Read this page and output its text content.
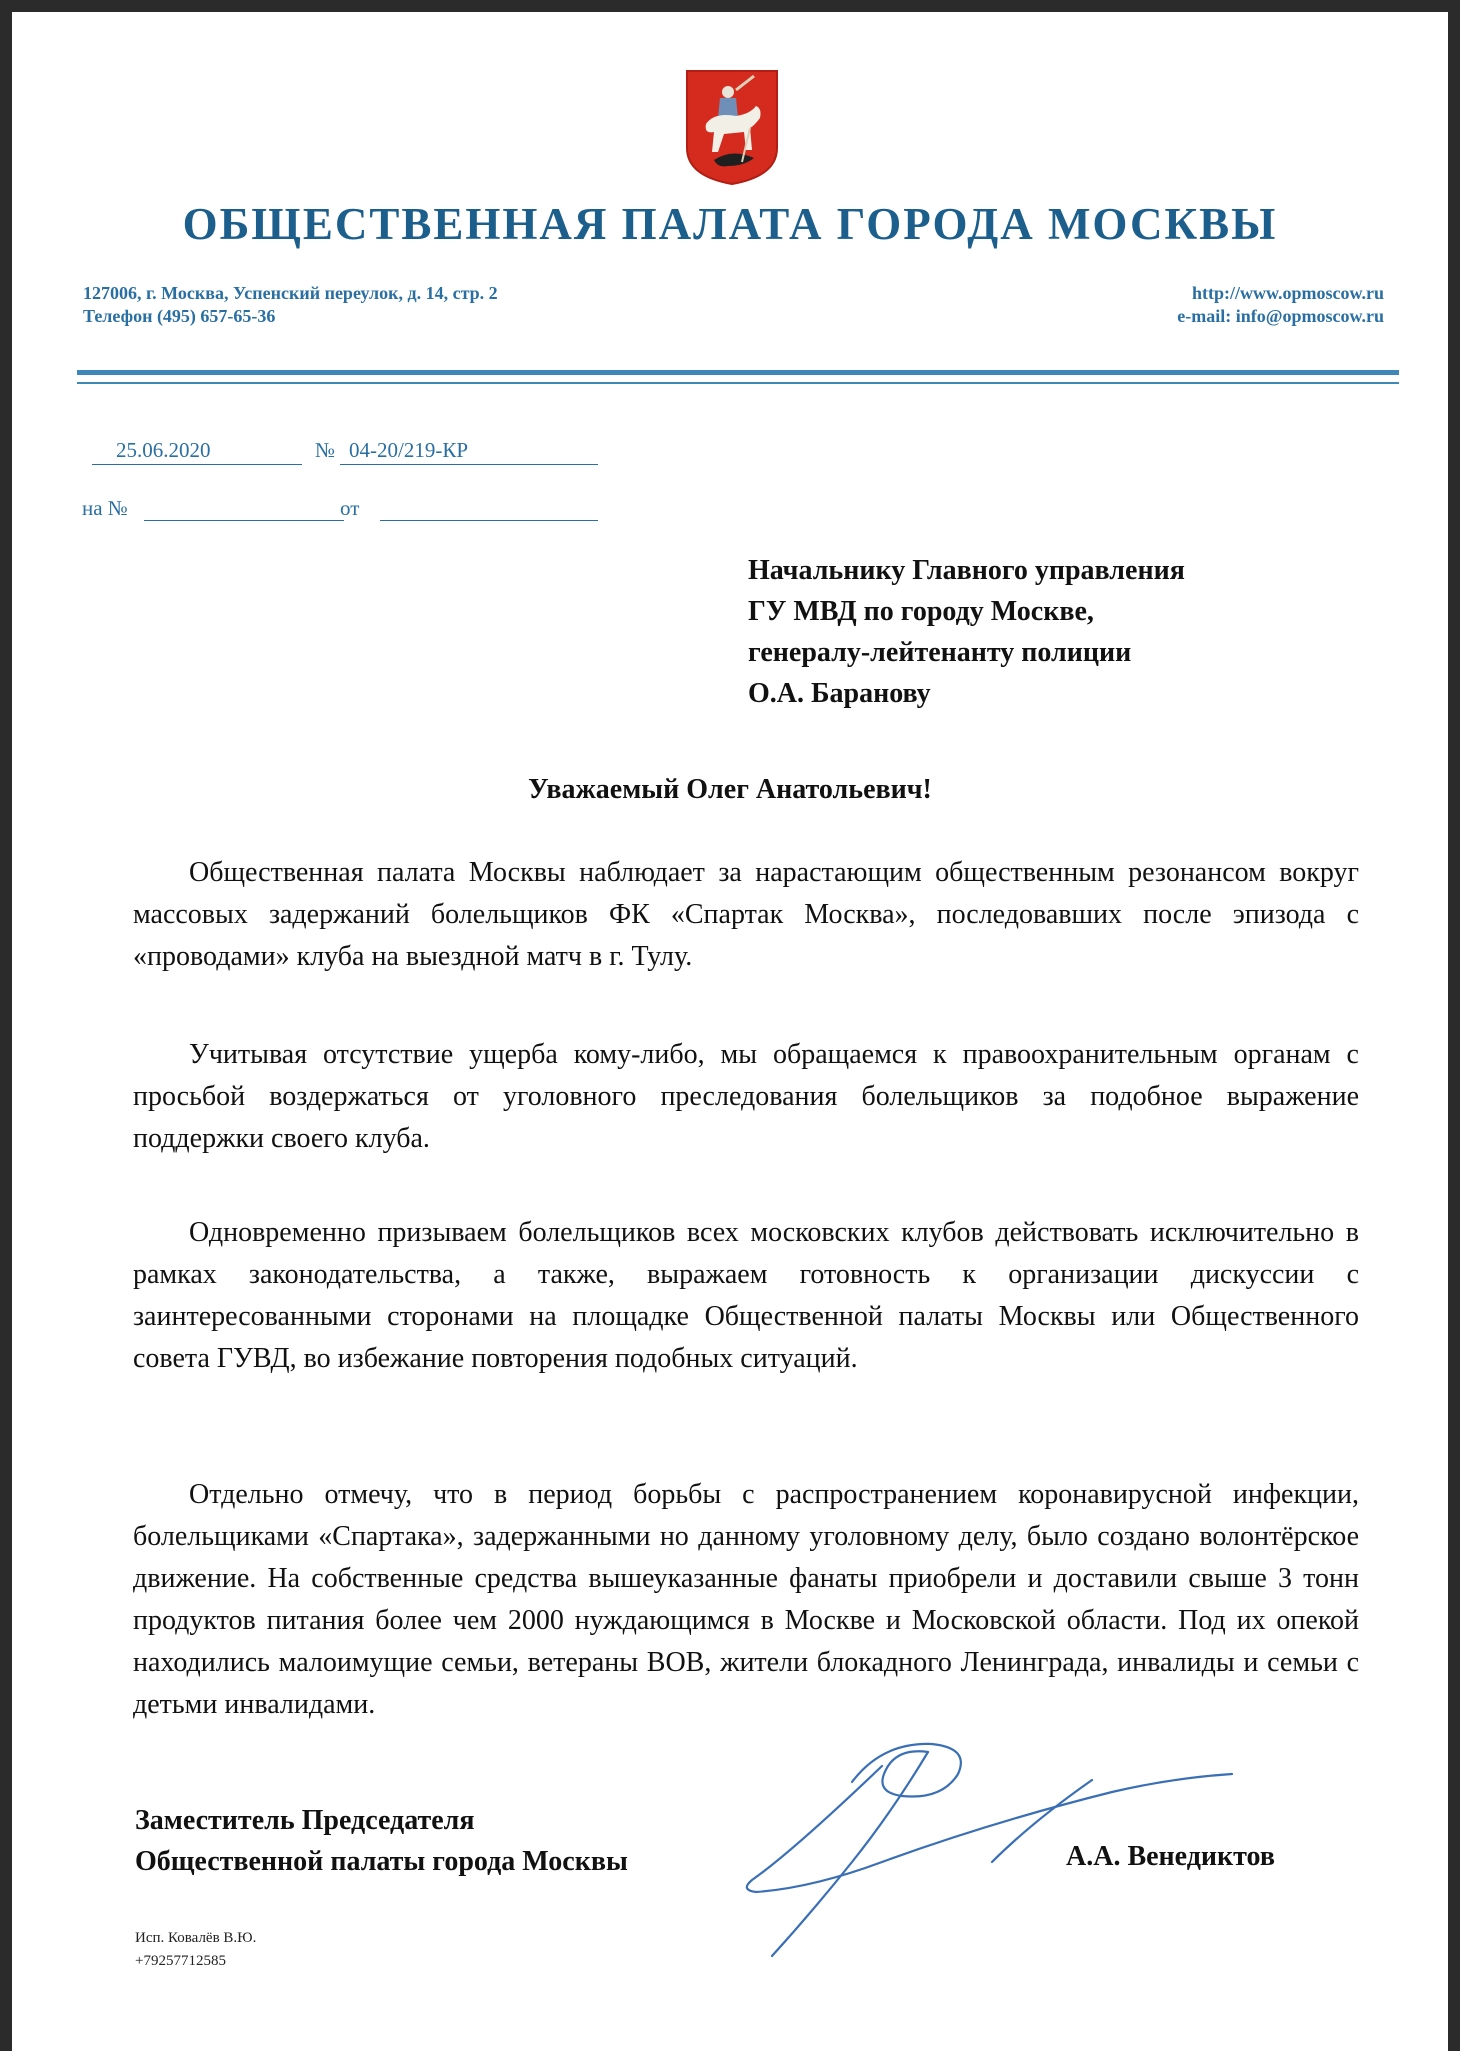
ОБЩЕСТВЕННАЯ ПАЛАТА ГОРОДА МОСКВЫ
127006, г. Москва, Успенский переулок, д. 14, стр. 2
Телефон (495) 657-65-36
http://www.opmoscow.ru
e-mail: info@opmoscow.ru
25.06.2020	№ 04-20/219-КР
на №	от
Начальнику Главного управления
ГУ МВД по городу Москве,
генералу-лейтенанту полиции
О.А. Баранову
Уважаемый Олег Анатольевич!
Общественная палата Москвы наблюдает за нарастающим общественным резонансом вокруг массовых задержаний болельщиков ФК «Спартак Москва», последовавших после эпизода с «проводами» клуба на выездной матч в г. Тулу.
Учитывая отсутствие ущерба кому-либо, мы обращаемся к правоохранительным органам с просьбой воздержаться от уголовного преследования болельщиков за подобное выражение поддержки своего клуба.
Одновременно призываем болельщиков всех московских клубов действовать исключительно в рамках законодательства, а также, выражаем готовность к организации дискуссии с заинтересованными сторонами на площадке Общественной палаты Москвы или Общественного совета ГУВД, во избежание повторения подобных ситуаций.
Отдельно отмечу, что в период борьбы с распространением коронавирусной инфекции, болельщиками «Спартака», задержанными но данному уголовному делу, было создано волонтёрское движение. На собственные средства вышеуказанные фанаты приобрели и доставили свыше 3 тонн продуктов питания более чем 2000 нуждающимся в Москве и Московской области. Под их опекой находились малоимущие семьи, ветераны ВОВ, жители блокадного Ленинграда, инвалиды и семьи с детьми инвалидами.
Заместитель Председателя
Общественной палаты города Москвы	А.А. Венедиктов
Исп. Ковалёв В.Ю.
+79257712585
